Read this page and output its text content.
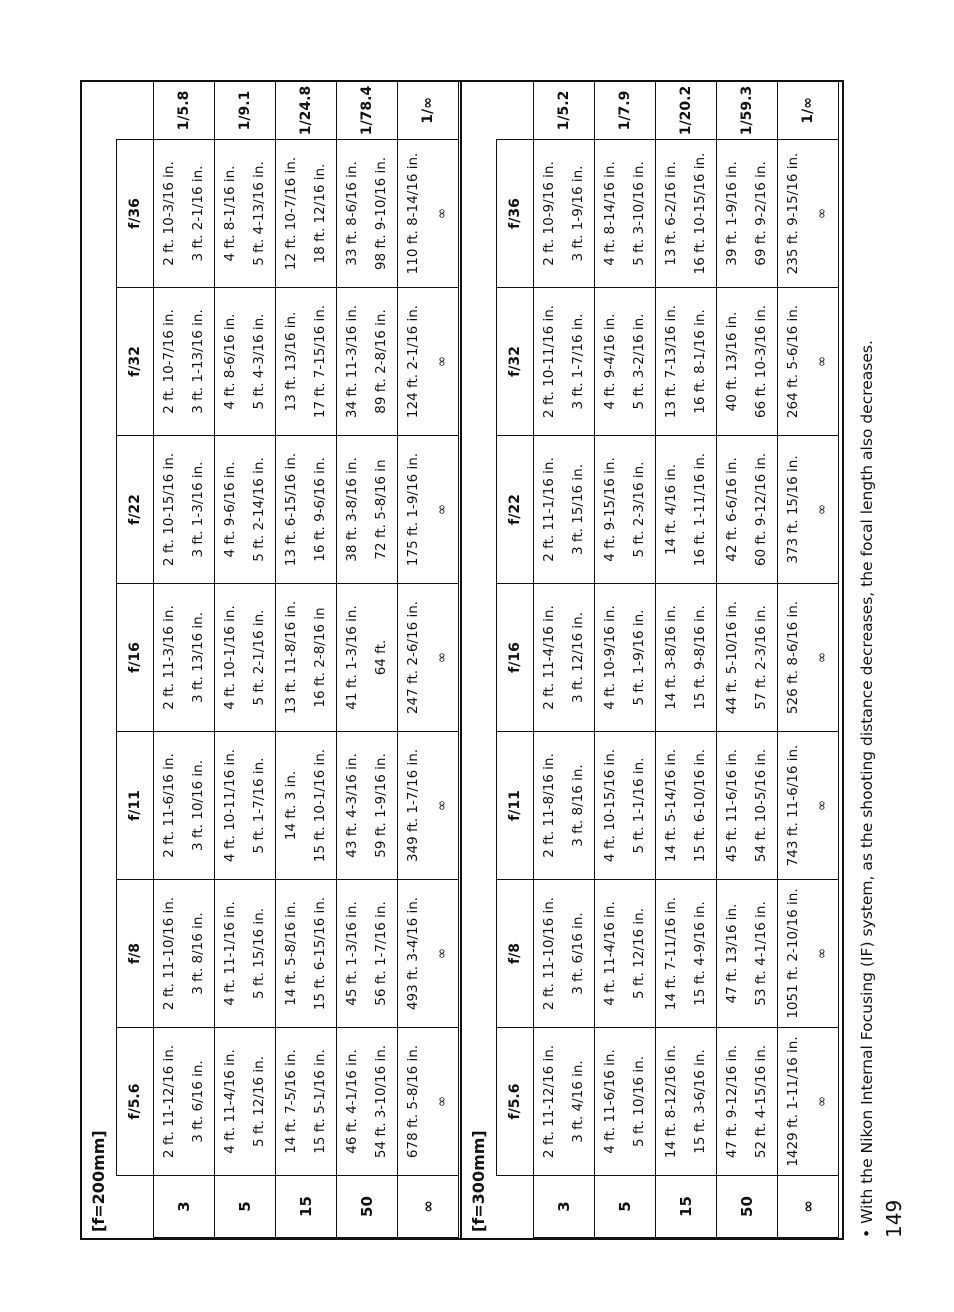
[f=200mm]
	f/5.6	f/8	f/11	f/16	f/22	f/32	f/36	
3	2 ft. 11-12/16 in. 3 ft. 6/16 in.	2 ft. 11-10/16 in. 3 ft. 8/16 in.	2 ft. 11-6/16 in. 3 ft. 10/16 in.	2 ft. 11-3/16 in. 3 ft. 13/16 in.	2 ft. 10-15/16 in. 3 ft. 1-3/16 in.	2 ft. 10-7/16 in. 3 ft. 1-13/16 in.	2 ft. 10-3/16 in. 3 ft. 2-1/16 in.	1/5.8
5	4 ft. 11-4/16 in. 5 ft. 12/16 in.	4 ft. 11-1/16 in. 5 ft. 15/16 in.	4 ft. 10-11/16 in. 5 ft. 1-7/16 in.	4 ft. 10-1/16 in. 5 ft. 2-1/16 in.	4 ft. 9-6/16 in. 5 ft. 2-14/16 in.	4 ft. 8-6/16 in. 5 ft. 4-3/16 in.	4 ft. 8-1/16 in. 5 ft. 4-13/16 in.	1/9.1
15	14 ft. 7-5/16 in. 15 ft. 5-1/16 in.	14 ft. 5-8/16 in. 15 ft. 6-15/16 in.	14 ft. 3 in. 15 ft. 10-1/16 in.	13 ft. 11-8/16 in. 16 ft. 2-8/16 in	13 ft. 6-15/16 in. 16 ft. 9-6/16 in.	13 ft. 13/16 in. 17 ft. 7-15/16 in.	12 ft. 10-7/16 in. 18 ft. 12/16 in.	1/24.8
50	46 ft. 4-1/16 in. 54 ft. 3-10/16 in.	45 ft. 1-3/16 in. 56 ft. 1-7/16 in.	43 ft. 4-3/16 in. 59 ft. 1-9/16 in.	41 ft. 1-3/16 in. 64 ft.	38 ft. 3-8/16 in. 72 ft. 5-8/16 in	34 ft. 11-3/16 in. 89 ft. 2-8/16 in.	33 ft. 8-6/16 in. 98 ft. 9-10/16 in.	1/78.4
∞	678 ft. 5-8/16 in. ∞	493 ft. 3-4/16 in. ∞	349 ft. 1-7/16 in. ∞	247 ft. 2-6/16 in. ∞	175 ft. 1-9/16 in. ∞	124 ft. 2-1/16 in. ∞	110 ft. 8-14/16 in. ∞	1/∞
[f=300mm]
	f/5.6	f/8	f/11	f/16	f/22	f/32	f/36	
3	2 ft. 11-12/16 in. 3 ft. 4/16 in.	2 ft. 11-10/16 in. 3 ft. 6/16 in.	2 ft. 11-8/16 in. 3 ft. 8/16 in.	2 ft. 11-4/16 in. 3 ft. 12/16 in.	2 ft. 11-1/16 in. 3 ft. 15/16 in.	2 ft. 10-11/16 in. 3 ft. 1-7/16 in.	2 ft. 10-9/16 in. 3 ft. 1-9/16 in.	1/5.2
5	4 ft. 11-6/16 in. 5 ft. 10/16 in.	4 ft. 11-4/16 in. 5 ft. 12/16 in.	4 ft. 10-15/16 in. 5 ft. 1-1/16 in.	4 ft. 10-9/16 in. 5 ft. 1-9/16 in.	4 ft. 9-15/16 in. 5 ft. 2-3/16 in.	4 ft. 9-4/16 in. 5 ft. 3-2/16 in.	4 ft. 8-14/16 in. 5 ft. 3-10/16 in.	1/7.9
15	14 ft. 8-12/16 in. 15 ft. 3-6/16 in.	14 ft. 7-11/16 in. 15 ft. 4-9/16 in.	14 ft. 5-14/16 in. 15 ft. 6-10/16 in.	14 ft. 3-8/16 in. 15 ft. 9-8/16 in.	14 ft. 4/16 in. 16 ft. 1-11/16 in.	13 ft. 7-13/16 in. 16 ft. 8-1/16 in.	13 ft. 6-2/16 in. 16 ft. 10-15/16 in.	1/20.2
50	47 ft. 9-12/16 in. 52 ft. 4-15/16 in.	47 ft. 13/16 in. 53 ft. 4-1/16 in.	45 ft. 11-6/16 in. 54 ft. 10-5/16 in.	44 ft. 5-10/16 in. 57 ft. 2-3/16 in.	42 ft. 6-6/16 in. 60 ft. 9-12/16 in.	40 ft. 13/16 in. 66 ft. 10-3/16 in.	39 ft. 1-9/16 in. 69 ft. 9-2/16 in.	1/59.3
∞	1429 ft. 1-11/16 in. ∞	1051 ft. 2-10/16 in. ∞	743 ft. 11-6/16 in. ∞	526 ft. 8-6/16 in. ∞	373 ft. 15/16 in. ∞	264 ft. 5-6/16 in. ∞	235 ft. 9-15/16 in. ∞	1/∞
• With the Nikon Internal Focusing (IF) system, as the shooting distance decreases, the focal length also decreases. 149
